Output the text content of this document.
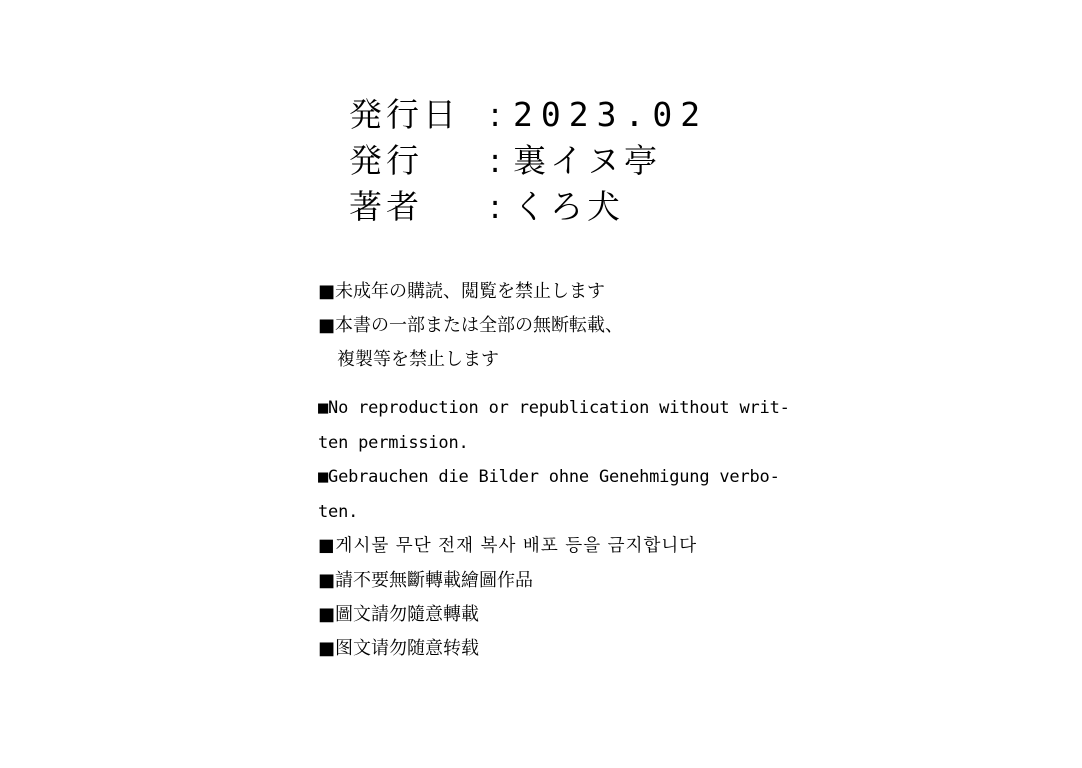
発行日 : 2023.02
発行	: 裏イヌ亭
著者	: くろ犬
■未成年の購読、閲覧を禁止します
■本書の一部または全部の無断転載、
複製等を禁止します
■No reproduction or republication without writ-
ten permission.
■Gebrauchen die Bilder ohne Genehmigung verbo-
ten.
■게시물 무단 전재 복사 배포 등을 금지합니다
■請不要無斷轉載繪圖作品
■圖文請勿隨意轉載
■图文请勿随意转载
